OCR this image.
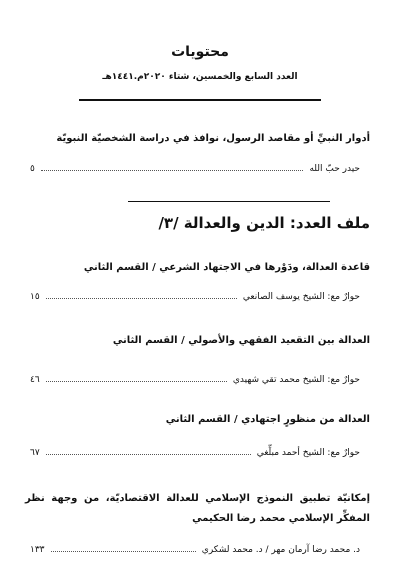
محتويات
العدد السابع والخمسين، شتاء ٢٠٢٠م.١٤٤١هـ
أدوار النبيِّ أو مقاصد الرسول، نوافذ في دراسة الشخصيّة النبويّة
حيدر حبّ الله
٥
ملف العدد: الدين والعدالة /٣/
قاعدة العدالة، ودَوْرها في الاجتهاد الشرعي / القسم الثاني
حوارٌ مع: الشيخ يوسف الصانعي
١٥
العدالة بين التقعيد الفقهي والأصولي / القسم الثاني
حوارٌ مع: الشيخ محمد تقي شهيدي
٤٦
العدالة من منظورٍ اجتهادي / القسم الثاني
حوارٌ مع: الشيخ أحمد مبلِّغي
٦٧
إمكانيّة تطبيق النموذج الإسلامي للعدالة الاقتصاديّة، من وجهة نظر المفكِّر الإسلامي محمد رضا الحكيمي
د. محمد رضا آرمان مهر / د. محمد لشكري
١٣٣
